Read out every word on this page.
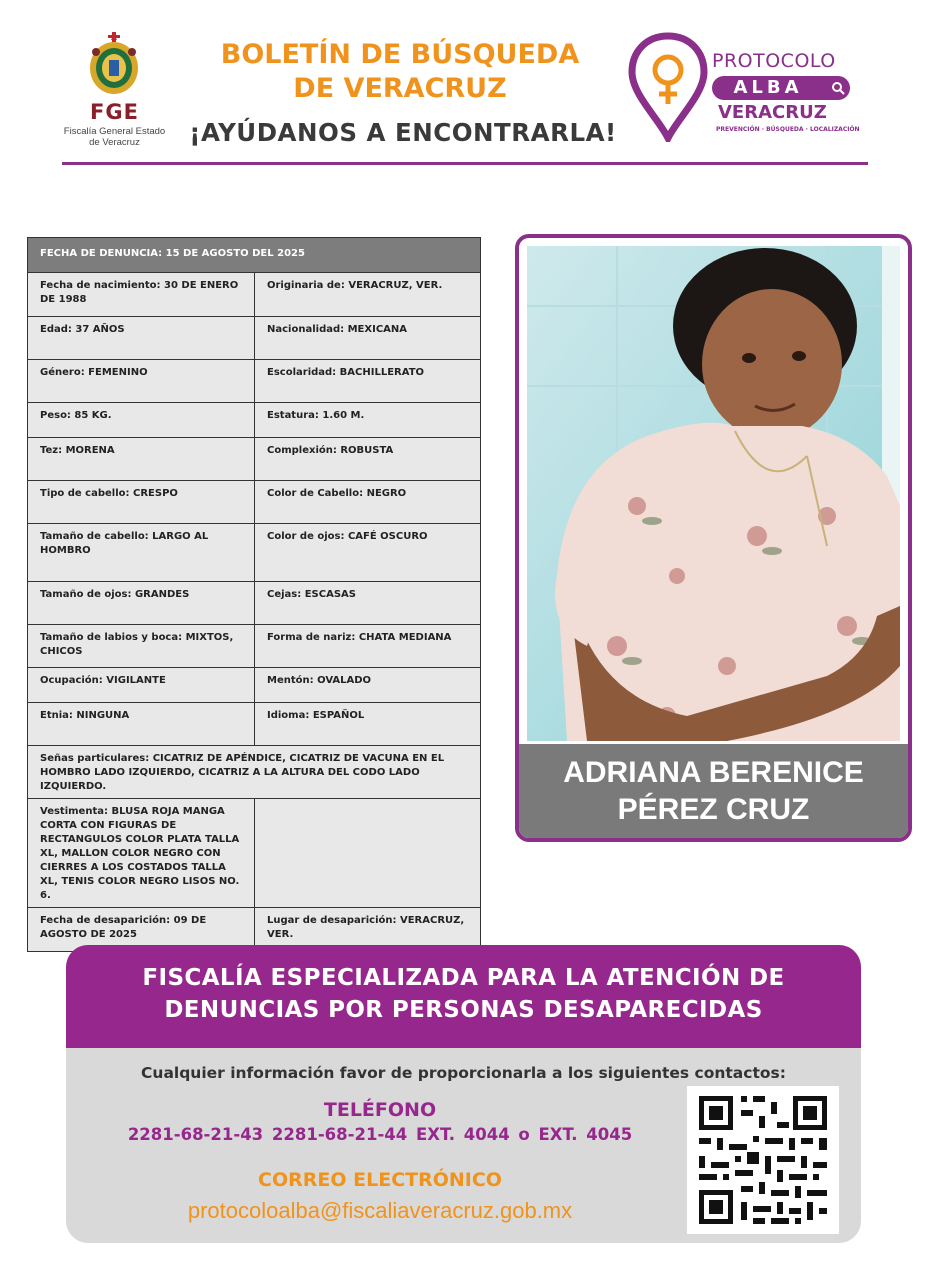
FGE
Fiscalía General Estado de Veracruz
BOLETÍN DE BÚSQUEDA
DE VERACRUZ
¡AYÚDANOS A ENCONTRARLA!
PROTOCOLO
ALBA
VERACRUZ
PREVENCIÓN · BÚSQUEDA · LOCALIZACIÓN
FECHA DE DENUNCIA: 15 DE AGOSTO DEL 2025	
Fecha de nacimiento: 30 DE ENERO DE 1988	Originaria de: VERACRUZ, VER.
Edad: 37 AÑOS	Nacionalidad: MEXICANA
Género: FEMENINO	Escolaridad: BACHILLERATO
Peso: 85 KG.	Estatura: 1.60 M.
Tez: MORENA	Complexión: ROBUSTA
Tipo de cabello: CRESPO	Color de Cabello: NEGRO
Tamaño de cabello: LARGO AL HOMBRO	Color de ojos: CAFÉ OSCURO
Tamaño de ojos: GRANDES	Cejas: ESCASAS
Tamaño de labios y boca: MIXTOS, CHICOS	Forma de nariz: CHATA MEDIANA
Ocupación: VIGILANTE	Mentón: OVALADO
Etnia: NINGUNA	Idioma: ESPAÑOL
Señas particulares: CICATRIZ DE APÉNDICE, CICATRIZ DE VACUNA EN EL HOMBRO LADO IZQUIERDO, CICATRIZ A LA ALTURA DEL CODO LADO IZQUIERDO.	
Vestimenta: BLUSA ROJA MANGA CORTA CON FIGURAS DE RECTANGULOS COLOR PLATA TALLA XL, MALLON COLOR NEGRO CON CIERRES A LOS COSTADOS TALLA XL, TENIS COLOR NEGRO LISOS NO. 6.	
Fecha de desaparición: 09 DE AGOSTO DE 2025	Lugar de desaparición: VERACRUZ, VER.
ADRIANA BERENICE
PÉREZ CRUZ
FISCALÍA ESPECIALIZADA PARA LA ATENCIÓN DE
DENUNCIAS POR PERSONAS DESAPARECIDAS
Cualquier información favor de proporcionarla a los siguientes contactos:
TELÉFONO
2281-68-21-43 2281-68-21-44 EXT. 4044 o EXT. 4045
CORREO ELECTRÓNICO
protocoloalba@fiscaliaveracruz.gob.mx
